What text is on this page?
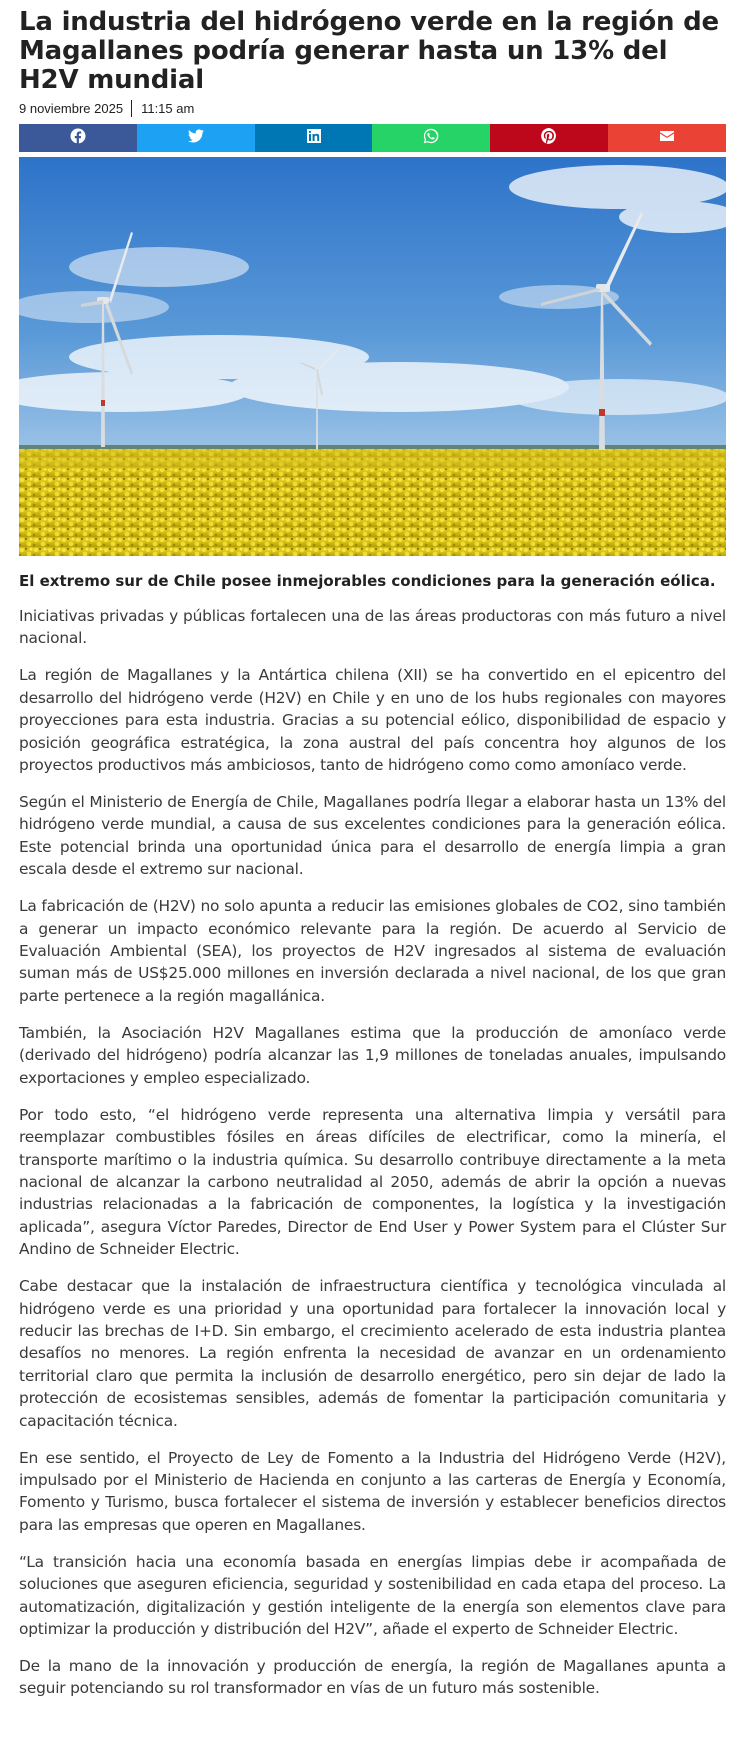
La industria del hidrógeno verde en la región de Magallanes podría generar hasta un 13% del H2V mundial
9 noviembre 2025 11:15 am

El extremo sur de Chile posee inmejorables condiciones para la generación eólica.

Iniciativas privadas y públicas fortalecen una de las áreas productoras con más futuro a nivel nacional.

La región de Magallanes y la Antártica chilena (XII) se ha convertido en el epicentro del desarrollo del hidrógeno verde (H2V) en Chile y en uno de los hubs regionales con mayores proyecciones para esta industria. Gracias a su potencial eólico, disponibilidad de espacio y posición geográfica estratégica, la zona austral del país concentra hoy algunos de los proyectos productivos más ambiciosos, tanto de hidrógeno como como amoníaco verde.

Según el Ministerio de Energía de Chile, Magallanes podría llegar a elaborar hasta un 13% del hidrógeno verde mundial, a causa de sus excelentes condiciones para la generación eólica. Este potencial brinda una oportunidad única para el desarrollo de energía limpia a gran escala desde el extremo sur nacional.

La fabricación de (H2V) no solo apunta a reducir las emisiones globales de CO2, sino también a generar un impacto económico relevante para la región. De acuerdo al Servicio de Evaluación Ambiental (SEA), los proyectos de H2V ingresados al sistema de evaluación suman más de US$25.000 millones en inversión declarada a nivel nacional, de los que gran parte pertenece a la región magallánica.

También, la Asociación H2V Magallanes estima que la producción de amoníaco verde (derivado del hidrógeno) podría alcanzar las 1,9 millones de toneladas anuales, impulsando exportaciones y empleo especializado.

Por todo esto, “el hidrógeno verde representa una alternativa limpia y versátil para reemplazar combustibles fósiles en áreas difíciles de electrificar, como la minería, el transporte marítimo o la industria química. Su desarrollo contribuye directamente a la meta nacional de alcanzar la carbono neutralidad al 2050, además de abrir la opción a nuevas industrias relacionadas a la fabricación de componentes, la logística y la investigación aplicada”, asegura Víctor Paredes, Director de End User y Power System para el Clúster Sur Andino de Schneider Electric.

Cabe destacar que la instalación de infraestructura científica y tecnológica vinculada al hidrógeno verde es una prioridad y una oportunidad para fortalecer la innovación local y reducir las brechas de I+D. Sin embargo, el crecimiento acelerado de esta industria plantea desafíos no menores. La región enfrenta la necesidad de avanzar en un ordenamiento territorial claro que permita la inclusión de desarrollo energético, pero sin dejar de lado la protección de ecosistemas sensibles, además de fomentar la participación comunitaria y capacitación técnica.

En ese sentido, el Proyecto de Ley de Fomento a la Industria del Hidrógeno Verde (H2V), impulsado por el Ministerio de Hacienda en conjunto a las carteras de Energía y Economía, Fomento y Turismo, busca fortalecer el sistema de inversión y establecer beneficios directos para las empresas que operen en Magallanes.

“La transición hacia una economía basada en energías limpias debe ir acompañada de soluciones que aseguren eficiencia, seguridad y sostenibilidad en cada etapa del proceso. La automatización, digitalización y gestión inteligente de la energía son elementos clave para optimizar la producción y distribución del H2V”, añade el experto de Schneider Electric.

De la mano de la innovación y producción de energía, la región de Magallanes apunta a seguir potenciando su rol transformador en vías de un futuro más sostenible.
